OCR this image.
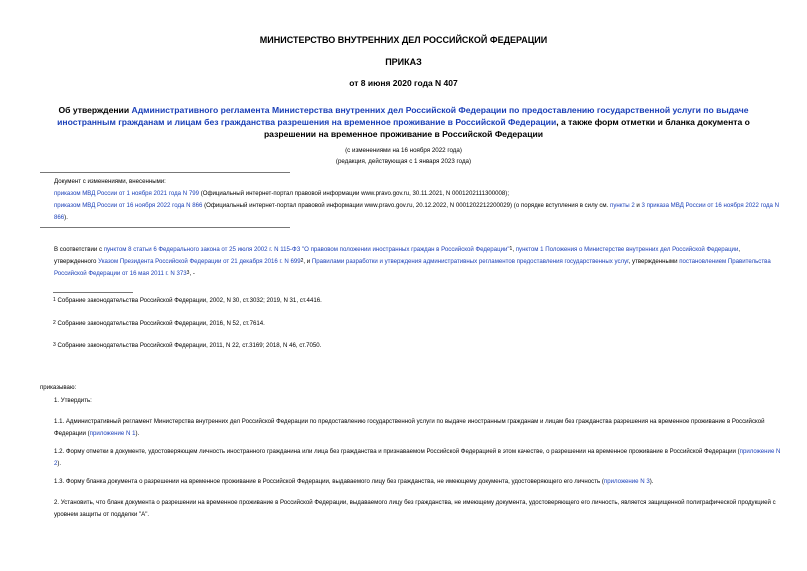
МИНИСТЕРСТВО ВНУТРЕННИХ ДЕЛ РОССИЙСКОЙ ФЕДЕРАЦИИ
ПРИКАЗ
от 8 июня 2020 года N 407
Об утверждении Административного регламента Министерства внутренних дел Российской Федерации по предоставлению государственной услуги по выдаче иностранным гражданам и лицам без гражданства разрешения на временное проживание в Российской Федерации, а также форм отметки и бланка документа о разрешении на временное проживание в Российской Федерации
(с изменениями на 16 ноября 2022 года)
(редакция, действующая с 1 января 2023 года)
Документ с изменениями, внесенными:
приказом МВД России от 1 ноября 2021 года N 799 (Официальный интернет-портал правовой информации www.pravo.gov.ru, 30.11.2021, N 0001202111300008);
приказом МВД России от 16 ноября 2022 года N 866 (Официальный интернет-портал правовой информации www.pravo.gov.ru, 20.12.2022, N 0001202212200029) (о порядке вступления в силу см. пункты 2 и 3 приказа МВД России от 16 ноября 2022 года N 866).
В соответствии с пунктом 8 статьи 6 Федерального закона от 25 июля 2002 г. N 115-ФЗ "О правовом положении иностранных граждан в Российской Федерации"1, пунктом 1 Положения о Министерстве внутренних дел Российской Федерации, утвержденного Указом Президента Российской Федерации от 21 декабря 2016 г. N 6992, и Правилами разработки и утверждения административных регламентов предоставления государственных услуг, утвержденными постановлением Правительства Российской Федерации от 16 мая 2011 г. N 3733, -
1 Собрание законодательства Российской Федерации, 2002, N 30, ст.3032; 2019, N 31, ст.4416.
2 Собрание законодательства Российской Федерации, 2016, N 52, ст.7614.
3 Собрание законодательства Российской Федерации, 2011, N 22, ст.3169; 2018, N 46, ст.7050.
приказываю:
1. Утвердить:
1.1. Административный регламент Министерства внутренних дел Российской Федерации по предоставлению государственной услуги по выдаче иностранным гражданам и лицам без гражданства разрешения на временное проживание в Российской Федерации (приложение N 1).
1.2. Форму отметки в документе, удостоверяющем личность иностранного гражданина или лица без гражданства и признаваемом Российской Федерацией в этом качестве, о разрешении на временное проживание в Российской Федерации (приложение N 2).
1.3. Форму бланка документа о разрешении на временное проживание в Российской Федерации, выдаваемого лицу без гражданства, не имеющему документа, удостоверяющего его личность (приложение N 3).
2. Установить, что бланк документа о разрешении на временное проживание в Российской Федерации, выдаваемого лицу без гражданства, не имеющему документа, удостоверяющего его личность, является защищенной полиграфической продукцией с уровнем защиты от подделки "А".
